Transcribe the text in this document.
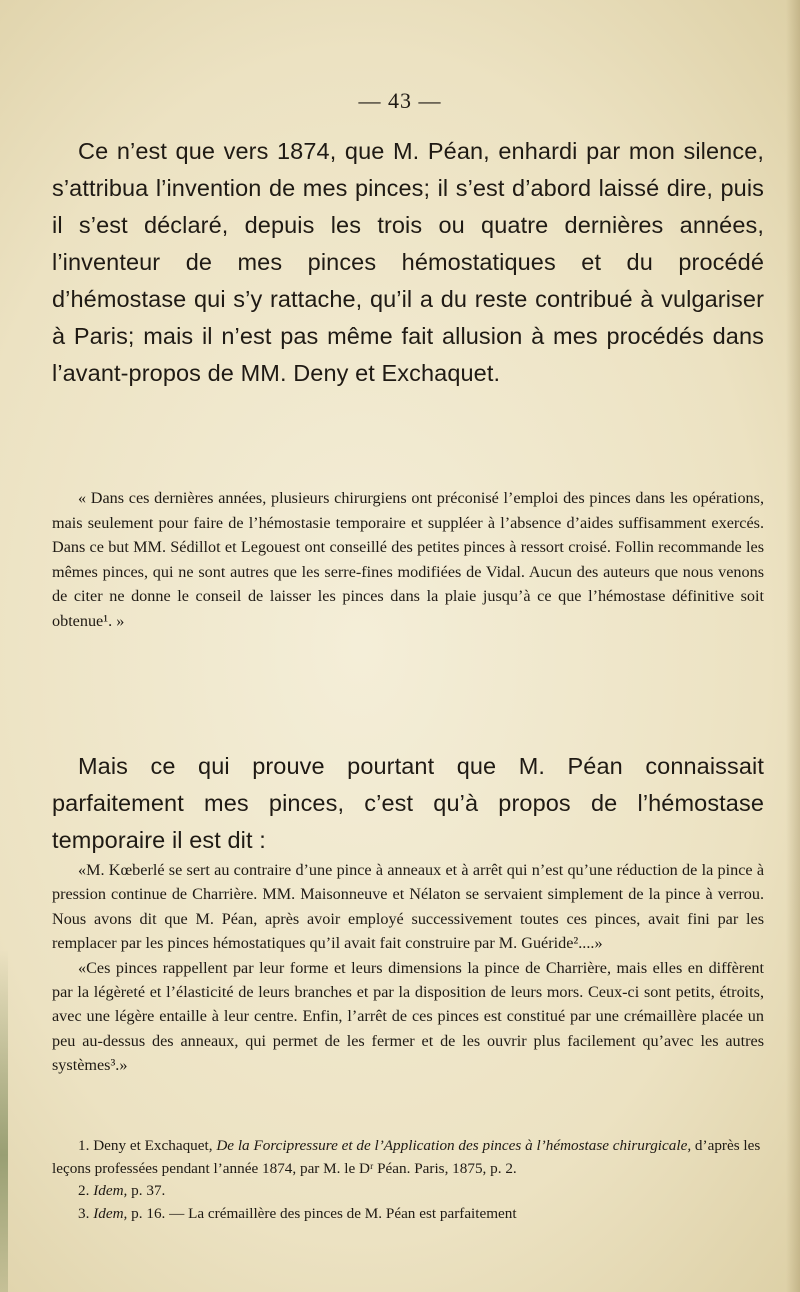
— 43 —
Ce n’est que vers 1874, que M. Péan, enhardi par mon silence, s’attribua l’invention de mes pinces; il s’est d’abord laissé dire, puis il s’est déclaré, depuis les trois ou quatre dernières années, l’inventeur de mes pinces hémostatiques et du procédé d’hémostase qui s’y rattache, qu’il a du reste contribué à vulgariser à Paris; mais il n’est pas même fait allusion à mes procédés dans l’avant-propos de MM. Deny et Exchaquet.
« Dans ces dernières années, plusieurs chirurgiens ont préconisé l’emploi des pinces dans les opérations, mais seulement pour faire de l’hémostasie temporaire et suppléer à l’absence d’aides suffisamment exercés. Dans ce but MM. Sédillot et Legouest ont conseillé des petites pinces à ressort croisé. Follin recommande les mêmes pinces, qui ne sont autres que les serre-fines modifiées de Vidal. Aucun des auteurs que nous venons de citer ne donne le conseil de laisser les pinces dans la plaie jusqu’à ce que l’hémostase définitive soit obtenue¹. »
Mais ce qui prouve pourtant que M. Péan connaissait parfaitement mes pinces, c’est qu’à propos de l’hémostase temporaire il est dit :

«M. Kœberlé se sert au contraire d’une pince à anneaux et à arrêt qui n’est qu’une réduction de la pince à pression continue de Charrière. MM. Maisonneuve et Nélaton se servaient simplement de la pince à verrou. Nous avons dit que M. Péan, après avoir employé successivement toutes ces pinces, avait fini par les remplacer par les pinces hémostatiques qu’il avait fait construire par M. Guéride²....»

«Ces pinces rappellent par leur forme et leurs dimensions la pince de Charrière, mais elles en diffèrent par la légèreté et l’élasticité de leurs branches et par la disposition de leurs mors. Ceux-ci sont petits, étroits, avec une légère entaille à leur centre. Enfin, l’arrêt de ces pinces est constitué par une crémaillère placée un peu au-dessus des anneaux, qui permet de les fermer et de les ouvrir plus facilement qu’avec les autres systèmes³.»

1. Deny et Exchaquet, De la Forcipressure et de l’Application des pinces à l’hémostase chirurgicale, d’après les leçons professées pendant l’année 1874, par M. le Dʳ Péan. Paris, 1875, p. 2.

2. Idem, p. 37.

3. Idem, p. 16. — La crémaillère des pinces de M. Péan est parfaitement
